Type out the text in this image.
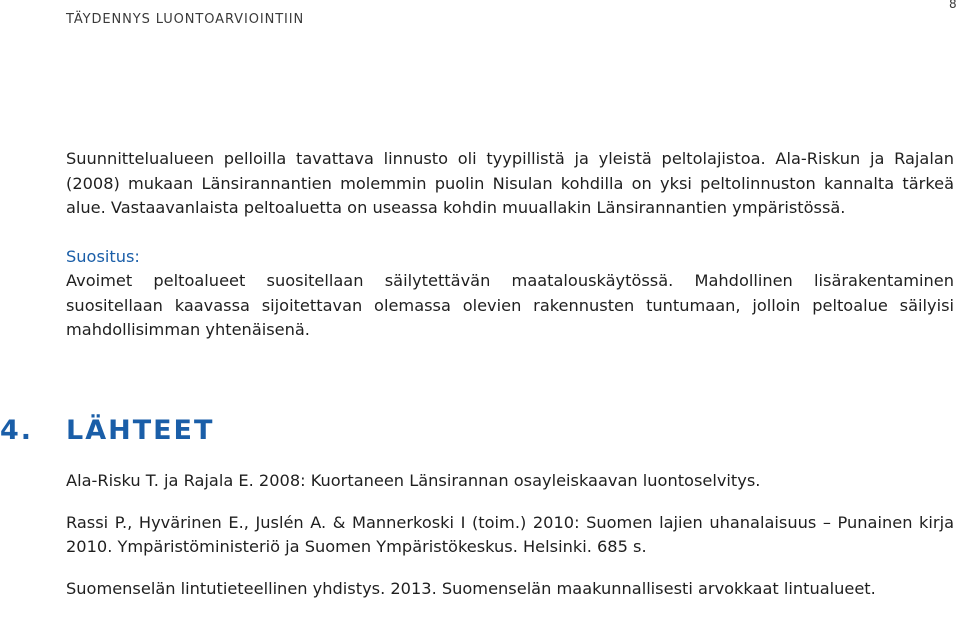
TÄYDENNYS LUONTOARVIOINTIIN
8

Suunnittelualueen pelloilla tavattava linnusto oli tyypillistä ja yleistä peltolajistoa. Ala-Riskun ja Rajalan (2008) mukaan Länsirannantien molemmin puolin Nisulan kohdilla on yksi peltolinnuston kannalta tärkeä alue. Vastaavanlaista peltoaluetta on useassa kohdin muuallakin Länsirannantien ympäristössä.

Suositus:

Avoimet peltoalueet suositellaan säilytettävän maatalouskäytössä. Mahdollinen lisärakentaminen suositellaan kaavassa sijoitettavan olemassa olevien rakennusten tuntumaan, jolloin peltoalue säilyisi mahdollisimman yhtenäisenä.

4. LÄHTEET

Ala-Risku T. ja Rajala E. 2008: Kuortaneen Länsirannan osayleiskaavan luontoselvitys.

Rassi P., Hyvärinen E., Juslén A. & Mannerkoski I (toim.) 2010: Suomen lajien uhanalaisuus – Punainen kirja 2010. Ympäristöministeriö ja Suomen Ympäristökeskus. Helsinki. 685 s.

Suomenselän lintutieteellinen yhdistys. 2013. Suomenselän maakunnallisesti arvokkaat lintualueet.
